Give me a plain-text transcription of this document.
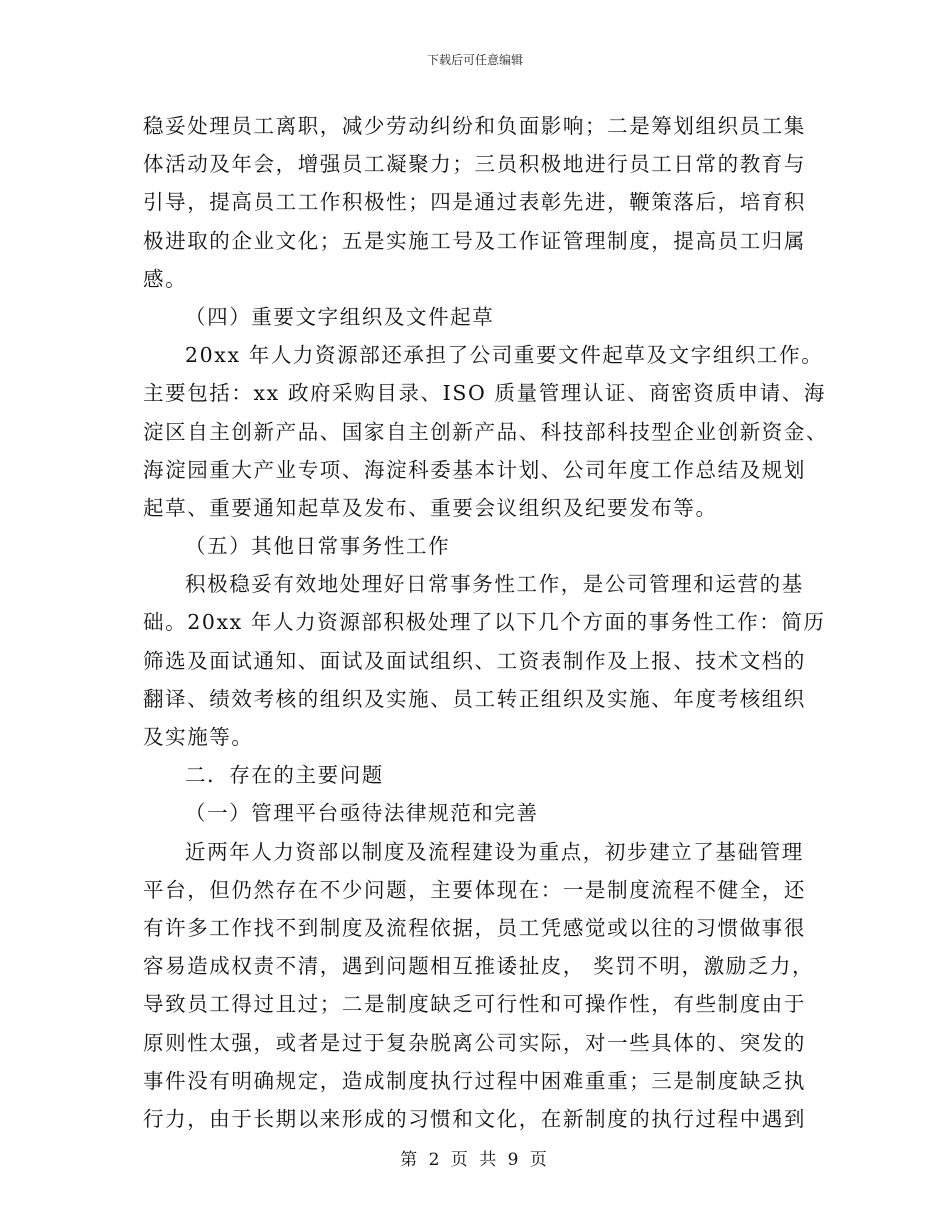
下载后可任意编辑
稳妥处理员工离职，减少劳动纠纷和负面影响；二是筹划组织员工集
体活动及年会，增强员工凝聚力；三员积极地进行员工日常的教育与
引导，提高员工工作积极性；四是通过表彰先进，鞭策落后，培育积
极进取的企业文化；五是实施工号及工作证管理制度，提高员工归属
感。
（四）重要文字组织及文件起草
20xx 年人力资源部还承担了公司重要文件起草及文字组织工作。
主要包括：xx 政府采购目录、ISO 质量管理认证、商密资质申请、海
淀区自主创新产品、国家自主创新产品、科技部科技型企业创新资金、
海淀园重大产业专项、海淀科委基本计划、公司年度工作总结及规划
起草、重要通知起草及发布、重要会议组织及纪要发布等。
（五）其他日常事务性工作
积极稳妥有效地处理好日常事务性工作，是公司管理和运营的基
础。20xx 年人力资源部积极处理了以下几个方面的事务性工作：简历
筛选及面试通知、面试及面试组织、工资表制作及上报、技术文档的
翻译、绩效考核的组织及实施、员工转正组织及实施、年度考核组织
及实施等。
二．存在的主要问题
（一）管理平台亟待法律规范和完善
近两年人力资部以制度及流程建设为重点，初步建立了基础管理
平台，但仍然存在不少问题，主要体现在：一是制度流程不健全，还
有许多工作找不到制度及流程依据，员工凭感觉或以往的习惯做事很
容易造成权责不清，遇到问题相互推诿扯皮， 奖罚不明，激励乏力，
导致员工得过且过；二是制度缺乏可行性和可操作性，有些制度由于
原则性太强，或者是过于复杂脱离公司实际，对一些具体的、突发的
事件没有明确规定，造成制度执行过程中困难重重；三是制度缺乏执
行力，由于长期以来形成的习惯和文化，在新制度的执行过程中遇到
第 2 页 共 9 页
